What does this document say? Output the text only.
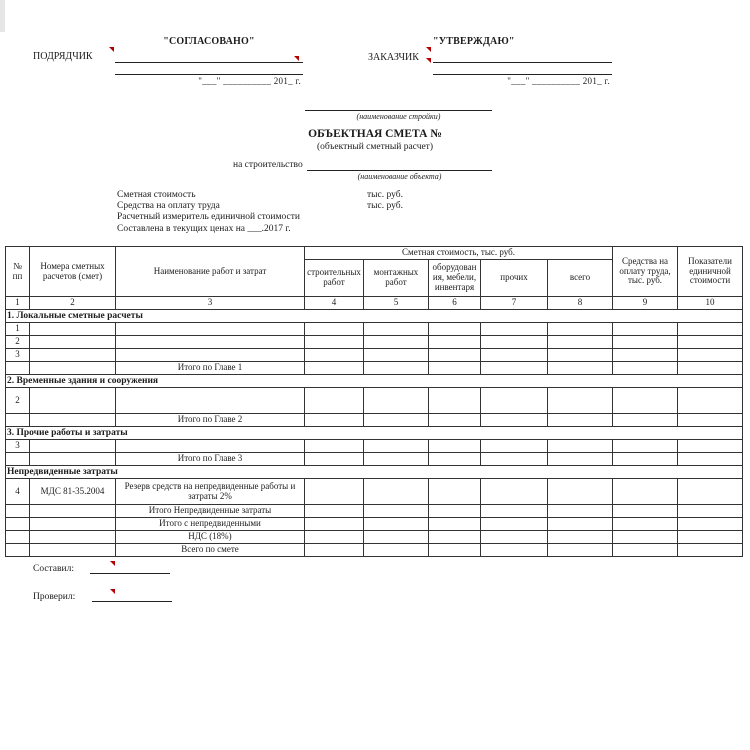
"СОГЛАСОВАНО"	"УТВЕРЖДАЮ"
ПОДРЯДЧИК	ЗАКАЗЧИК
"___" __________ 201_ г.	"___" __________ 201_ г.
(наименование стройки)
ОБЪЕКТНАЯ СМЕТА №
(объектный сметный расчет)
на строительство
(наименование объекта)
Сметная стоимость	тыс. руб.
Средства на оплату труда	тыс. руб.
Расчетный измеритель единичной стоимости
Составлена в текущих ценах на ___.2017 г.
№ пп	Номера сметных расчетов (смет)	Наименование работ и затрат	Сметная стоимость, тыс. руб.					Средства на оплату труда, тыс. руб.	Показатели единичной стоимости
			строительных работ	монтажных работ	оборудования, мебели, инвентаря	прочих	всего		
1	2	3	4	5	6	7	8	9	10
1. Локальные сметные расчеты									
1									
2									
3									
		Итого по Главе 1							
2. Временные здания и сооружения									
2									
		Итого по Главе 2							
3. Прочие работы и затраты									
3									
		Итого по Главе 3							
Непредвиденные затраты									
4	МДС 81-35.2004	Резерв средств на непредвиденные работы и затраты 2%							
		Итого Непредвиденные затраты							
		Итого с непредвиденными							
		НДС (18%)							
		Всего по смете							
Составил:
Проверил:
